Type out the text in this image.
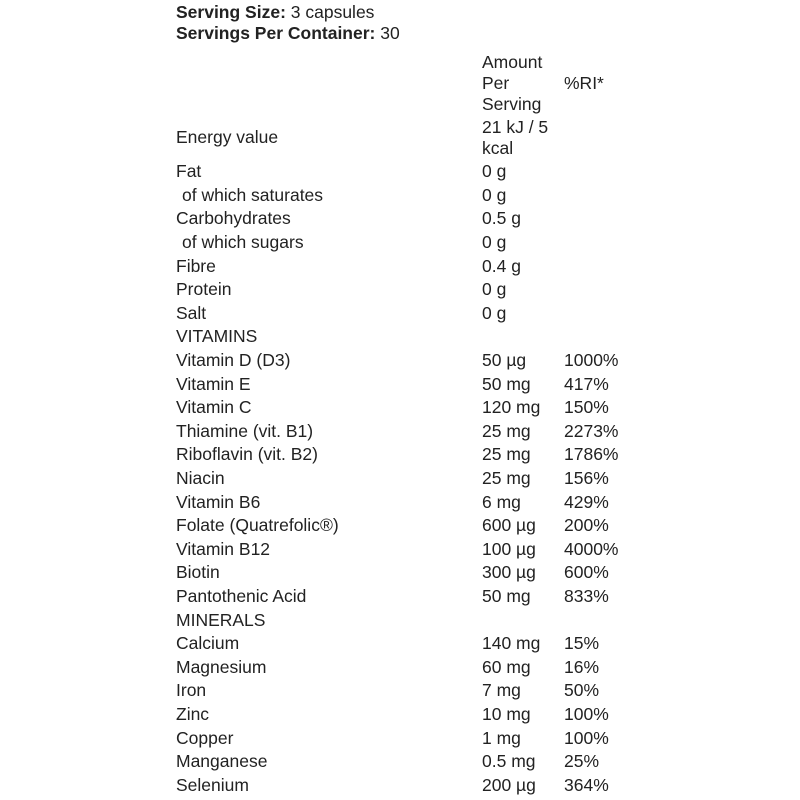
Serving Size: 3 capsules
Servings Per Container: 30

	Amount
Per
Serving	%RI*
Energy value	21 kJ / 5
kcal	

Fat	0 g	
of which saturates	0 g	
Carbohydrates	0.5 g	
of which sugars	0 g	
Fibre	0.4 g	
Protein	0 g	
Salt	0 g	
VITAMINS		
Vitamin D (D3)	50 µg	1000%
Vitamin E	50 mg	417%
Vitamin C	120 mg	150%
Thiamine (vit. B1)	25 mg	2273%
Riboflavin (vit. B2)	25 mg	1786%
Niacin	25 mg	156%
Vitamin B6	6 mg	429%
Folate (Quatrefolic®)	600 µg	200%
Vitamin B12	100 µg	4000%
Biotin	300 µg	600%
Pantothenic Acid	50 mg	833%
MINERALS		
Calcium	140 mg	15%
Magnesium	60 mg	16%
Iron	7 mg	50%
Zinc	10 mg	100%
Copper	1 mg	100%
Manganese	0.5 mg	25%
Selenium	200 µg	364%
